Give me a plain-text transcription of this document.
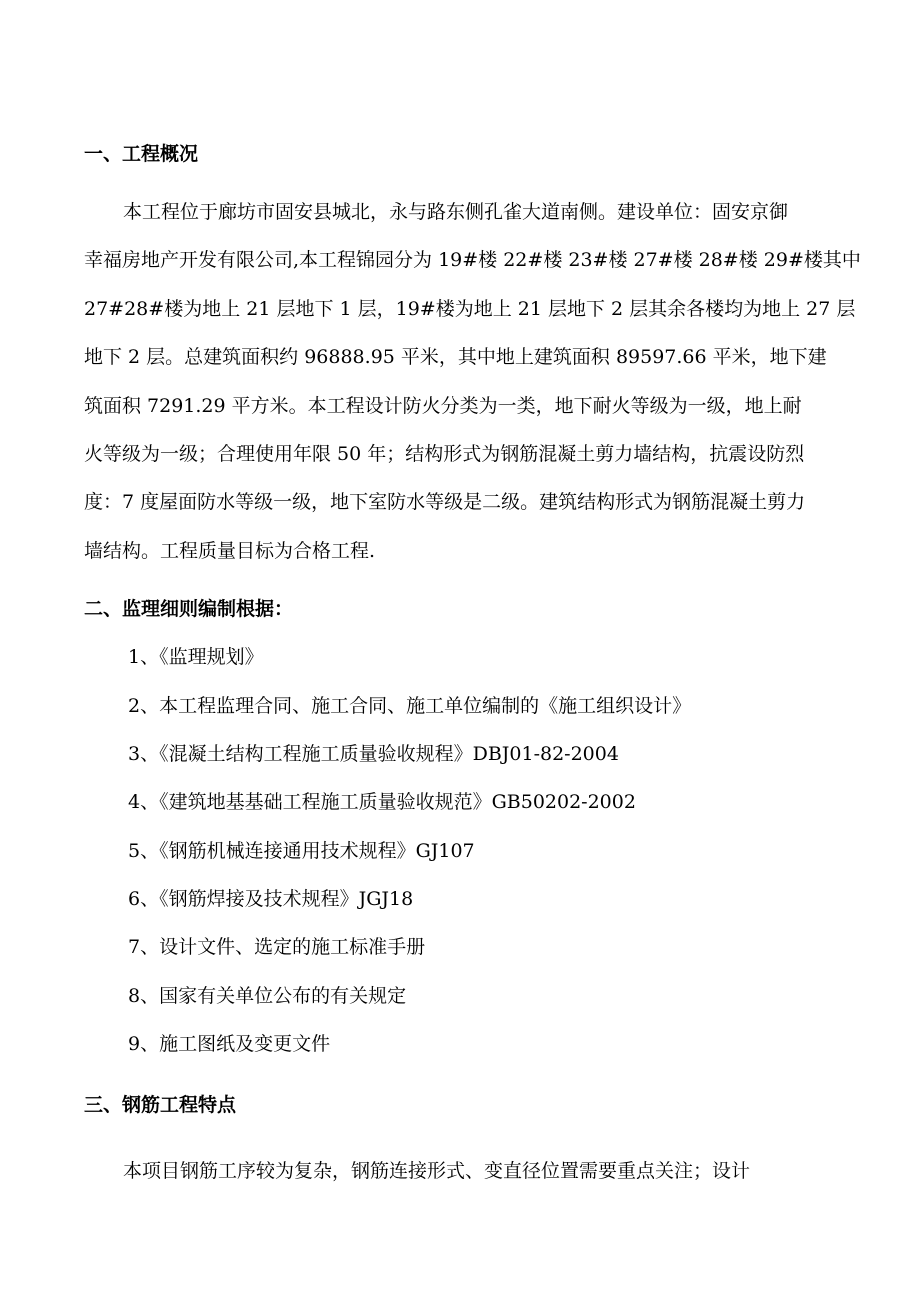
一、工程概况
本工程位于廊坊市固安县城北，永与路东侧孔雀大道南侧。建设单位：固安京御
幸福房地产开发有限公司,本工程锦园分为 19#楼 22#楼 23#楼 27#楼 28#楼 29#楼其中
27#28#楼为地上 21 层地下 1 层，19#楼为地上 21 层地下 2 层其余各楼均为地上 27 层
地下 2 层。总建筑面积约 96888.95 平米，其中地上建筑面积 89597.66 平米，地下建
筑面积 7291.29 平方米。本工程设计防火分类为一类，地下耐火等级为一级，地上耐
火等级为一级；合理使用年限 50 年；结构形式为钢筋混凝土剪力墙结构，抗震设防烈
度：7 度屋面防水等级一级，地下室防水等级是二级。建筑结构形式为钢筋混凝土剪力
墙结构。工程质量目标为合格工程.
二、监理细则编制根据：
1、《监理规划》
2、本工程监理合同、施工合同、施工单位编制的《施工组织设计》
3、《混凝土结构工程施工质量验收规程》DBJ01-82-2004
4、《建筑地基基础工程施工质量验收规范》GB50202-2002
5、《钢筋机械连接通用技术规程》GJ107
6、《钢筋焊接及技术规程》JGJ18
7、设计文件、选定的施工标准手册
8、国家有关单位公布的有关规定
9、施工图纸及变更文件
三、钢筋工程特点
本项目钢筋工序较为复杂，钢筋连接形式、变直径位置需要重点关注；设计
